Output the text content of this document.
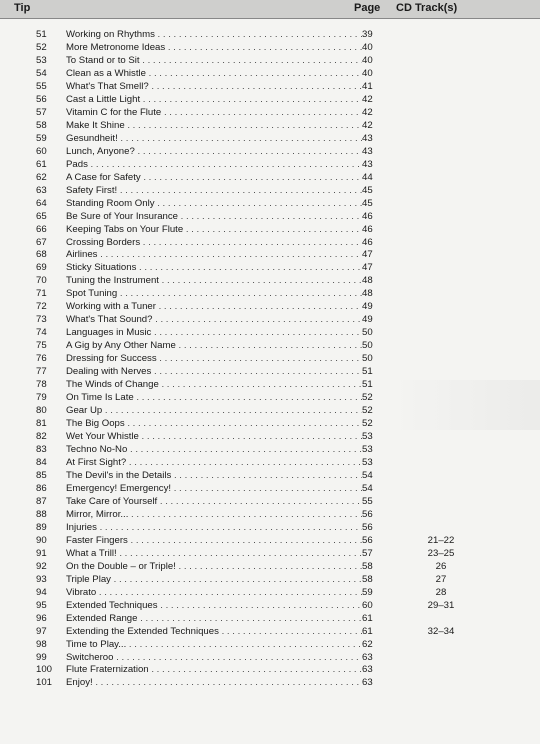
Tip	Page CD Track(s)
51 Working on Rhythms . . .	39
52 More Metronome Ideas . . .	40
53 To Stand or to Sit . . .	40
54 Clean as a Whistle . . .	40
55 What's That Smell? . . .	41
56 Cast a Little Light . . .	42
57 Vitamin C for the Flute . . .	42
58 Make It Shine . . .	42
59 Gesundheit! . . .	43
60 Lunch, Anyone? . . .	43
61 Pads . . .	43
62 A Case for Safety . . .	44
63 Safety First! . . .	45
64 Standing Room Only . . .	45
65 Be Sure of Your Insurance . . .	46
66 Keeping Tabs on Your Flute . . .	46
67 Crossing Borders . . .	46
68 Airlines . . .	47
69 Sticky Situations . . .	47
70 Tuning the Instrument . . .	48
71 Spot Tuning . . .	48
72 Working with a Tuner . . .	49
73 What's That Sound? . . .	49
74 Languages in Music . . .	50
75 A Gig by Any Other Name . . .	50
76 Dressing for Success . . .	50
77 Dealing with Nerves . . .	51
78 The Winds of Change . . .	51
79 On Time Is Late . . .	52
80 Gear Up . . .	52
81 The Big Oops . . .	52
82 Wet Your Whistle . . .	53
83 Techno No-No . . .	53
84 At First Sight? . . .	53
85 The Devil's in the Details . . .	54
86 Emergency! Emergency! . . .	54
87 Take Care of Yourself . . .	55
88 Mirror, Mirror... . . .	56
89 Injuries . . .	56
90 Faster Fingers . . .	56	21–22
91 What a Trill! . . .	57	23–25
92 On the Double – or Triple! . . .	58	26
93 Triple Play . . .	58	27
94 Vibrato . . .	59	28
95 Extended Techniques . . .	60	29–31
96 Extended Range . . .	61
97 Extending the Extended Techniques . . .	61	32–34
98 Time to Play... . . .	62
99 Switcheroo . . .	63
100 Flute Fraternization . . .	63
101 Enjoy! . . .	63
